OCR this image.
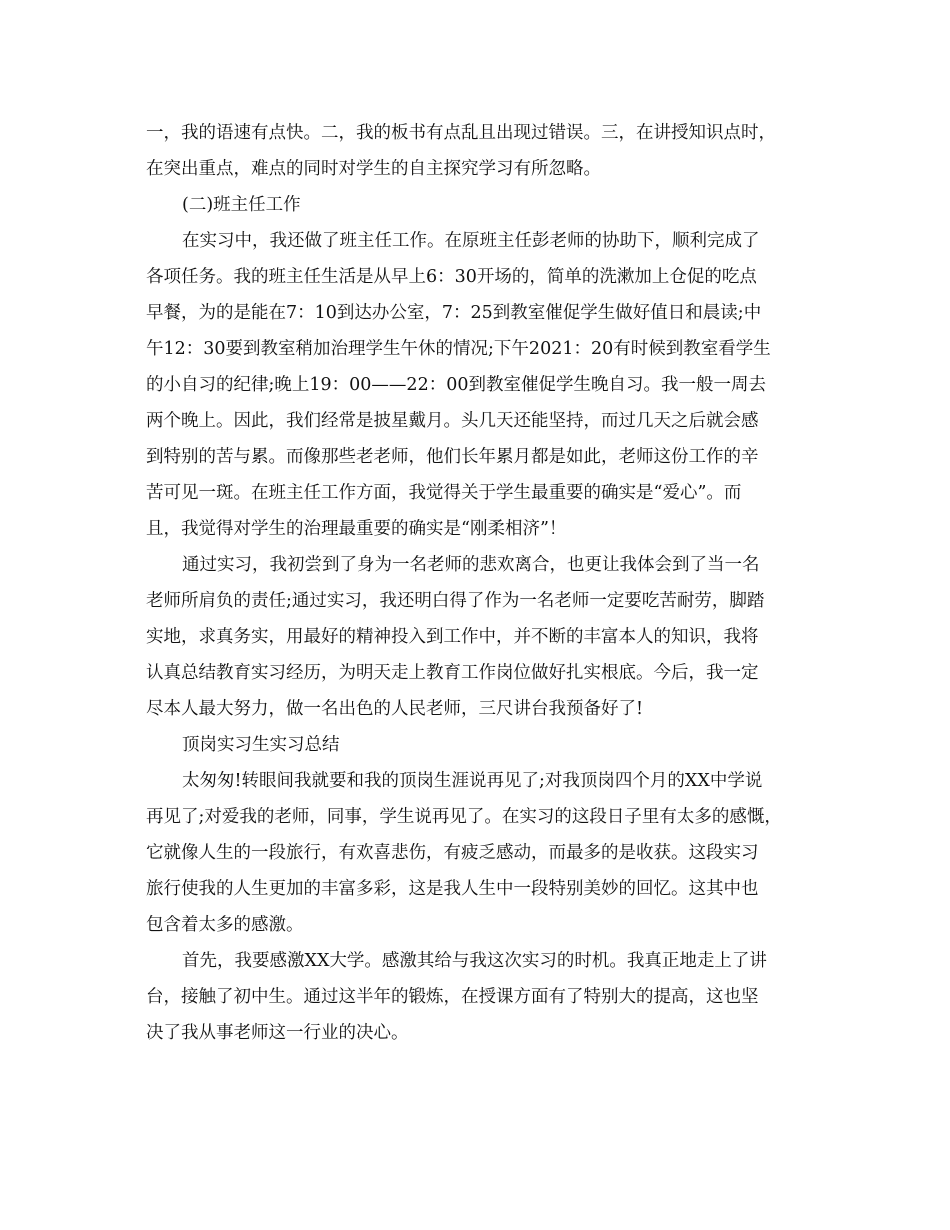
一，我的语速有点快。二，我的板书有点乱且出现过错误。三，在讲授知识点时，
在突出重点，难点的同时对学生的自主探究学习有所忽略。
(二)班主任工作
在实习中，我还做了班主任工作。在原班主任彭老师的协助下，顺利完成了
各项任务。我的班主任生活是从早上6：30开场的，简单的洗漱加上仓促的吃点
早餐，为的是能在7：10到达办公室，7：25到教室催促学生做好值日和晨读;中
午12：30要到教室稍加治理学生午休的情况;下午2021：20有时候到教室看学生
的小自习的纪律;晚上19：00——22：00到教室催促学生晚自习。我一般一周去
两个晚上。因此，我们经常是披星戴月。头几天还能坚持，而过几天之后就会感
到特别的苦与累。而像那些老老师，他们长年累月都是如此，老师这份工作的辛
苦可见一斑。在班主任工作方面，我觉得关于学生最重要的确实是“爱心”。而
且，我觉得对学生的治理最重要的确实是“刚柔相济”！
通过实习，我初尝到了身为一名老师的悲欢离合，也更让我体会到了当一名
老师所肩负的责任;通过实习，我还明白得了作为一名老师一定要吃苦耐劳，脚踏
实地，求真务实，用最好的精神投入到工作中，并不断的丰富本人的知识，我将
认真总结教育实习经历，为明天走上教育工作岗位做好扎实根底。今后，我一定
尽本人最大努力，做一名出色的人民老师，三尺讲台我预备好了!
顶岗实习生实习总结
太匆匆!转眼间我就要和我的顶岗生涯说再见了;对我顶岗四个月的XX中学说
再见了;对爱我的老师，同事，学生说再见了。在实习的这段日子里有太多的感慨，
它就像人生的一段旅行，有欢喜悲伤，有疲乏感动，而最多的是收获。这段实习
旅行使我的人生更加的丰富多彩，这是我人生中一段特别美妙的回忆。这其中也
包含着太多的感激。
首先，我要感激XX大学。感激其给与我这次实习的时机。我真正地走上了讲
台，接触了初中生。通过这半年的锻炼，在授课方面有了特别大的提高，这也坚
决了我从事老师这一行业的决心。
